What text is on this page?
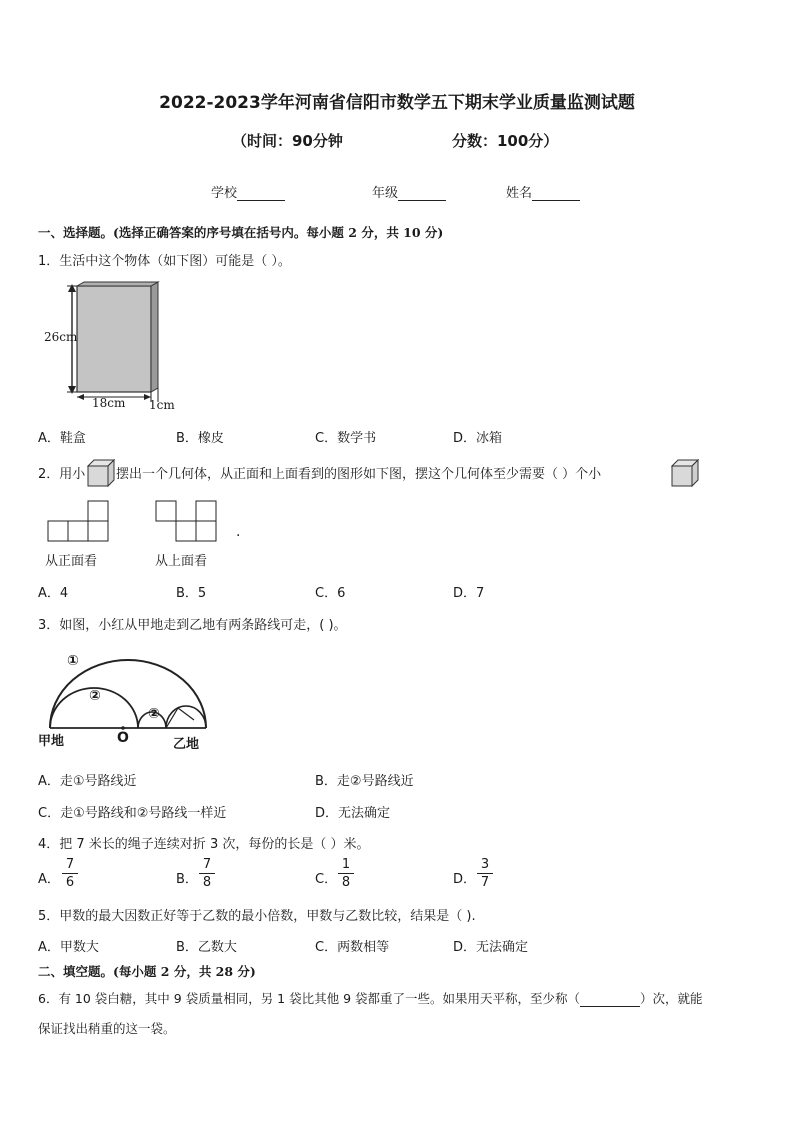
2022-2023学年河南省信阳市数学五下期末学业质量监测试题
（时间：90分钟	分数：100分）
学校	年级	姓名
一、选择题。(选择正确答案的序号填在括号内。每小题 2 分，共 10 分)
1．生活中这个物体（如下图）可能是（ ）。
26cm
18cm 1cm
A．鞋盒	B．橡皮	C．数学书	D．冰箱
2．用小 摆出一个几何体，从正面和上面看到的图形如下图，摆这个几何体至少需要（ ）个小
.
从正面看	从上面看
A．4	B．5	C．6	D．7
3．如图，小红从甲地走到乙地有两条路线可走，( )。
①
②
②
甲地	O	乙地
A．走①号路线近	B．走②号路线近
C．走①号路线和②号路线一样近	D．无法确定
4．把 7 米长的绳子连续对折 3 次，每份的长是（ ）米。
A．
7
6	B．
7
8	C．
1
8	D．
3
7
5．甲数的最大因数正好等于乙数的最小倍数，甲数与乙数比较，结果是（ ).
A．甲数大	B．乙数大	C．两数相等	D．无法确定
二、填空题。(每小题 2 分，共 28 分)
6．有 10 袋白糖，其中 9 袋质量相同，另 1 袋比其他 9 袋都重了一些。如果用天平称，至少称（	）次，就能
保证找出稍重的这一袋。
